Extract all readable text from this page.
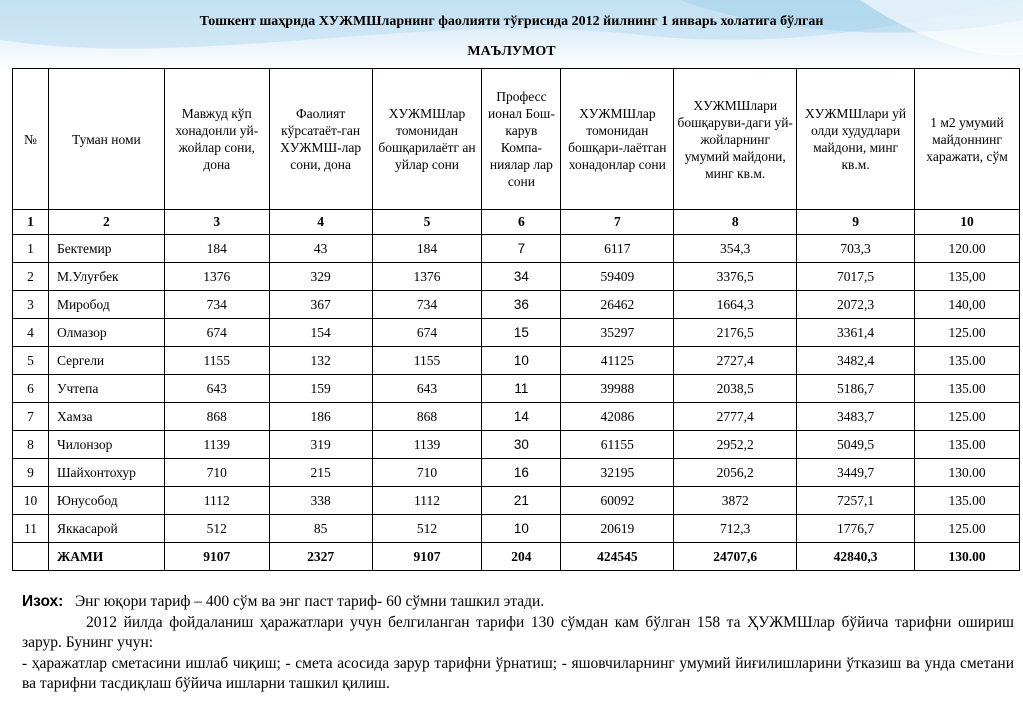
Тошкент шаҳрида ХУЖМШларнинг фаолияти тўғрисида 2012 йилнинг 1 январь холатига бўлган
МАЪЛУМОТ
№	Туман номи	Мавжуд кўп хонадонли уй-жойлар сони, дона	Фаолият кўрсатаёт-ган ХУЖМШ-лар сони, дона	ХУЖМШлар томонидан бошқарилаётг ан уйлар сони	Професс ионал Бош-карув Компа-ниялар лар сони	ХУЖМШлар томонидан бошқари-лаётган хонадонлар сони	ХУЖМШлари бошқаруви-даги уй-жойларнинг умумий майдони, минг кв.м.	ХУЖМШлари уй олди худудлари майдони, минг кв.м.	1 м2 умумий майдоннинг харажати, сўм
1	2	3	4	5	6	7	8	9	10
1	Бектемир	184	43	184	7	6117	354,3	703,3	120.00
2	М.Улуғбек	1376	329	1376	34	59409	3376,5	7017,5	135,00
3	Миробод	734	367	734	36	26462	1664,3	2072,3	140,00
4	Олмазор	674	154	674	15	35297	2176,5	3361,4	125.00
5	Сергели	1155	132	1155	10	41125	2727,4	3482,4	135.00
6	Учтепа	643	159	643	11	39988	2038,5	5186,7	135.00
7	Хамза	868	186	868	14	42086	2777,4	3483,7	125.00
8	Чилонзор	1139	319	1139	30	61155	2952,2	5049,5	135.00
9	Шайхонтохур	710	215	710	16	32195	2056,2	3449,7	130.00
10	Юнусобод	1112	338	1112	21	60092	3872	7257,1	135.00
11	Яккасарой	512	85	512	10	20619	712,3	1776,7	125.00
	ЖАМИ	9107	2327	9107	204	424545	24707,6	42840,3	130.00

Изох: Энг юқори тариф – 400 сўм ва энг паст тариф- 60 сўмни ташкил этади.

2012 йилда фойдаланиш ҳаражатлари учун белгиланган тарифи 130 сўмдан кам бўлган 158 та ҲУЖМШлар бўйича тарифни ошириш зарур. Бунинг учун:

- ҳаражатлар сметасини ишлаб чиқиш; - смета асосида зарур тарифни ўрнатиш; - яшовчиларнинг умумий йиғилишларини ўтказиш ва унда сметани ва тарифни тасдиқлаш бўйича ишларни ташкил қилиш.
